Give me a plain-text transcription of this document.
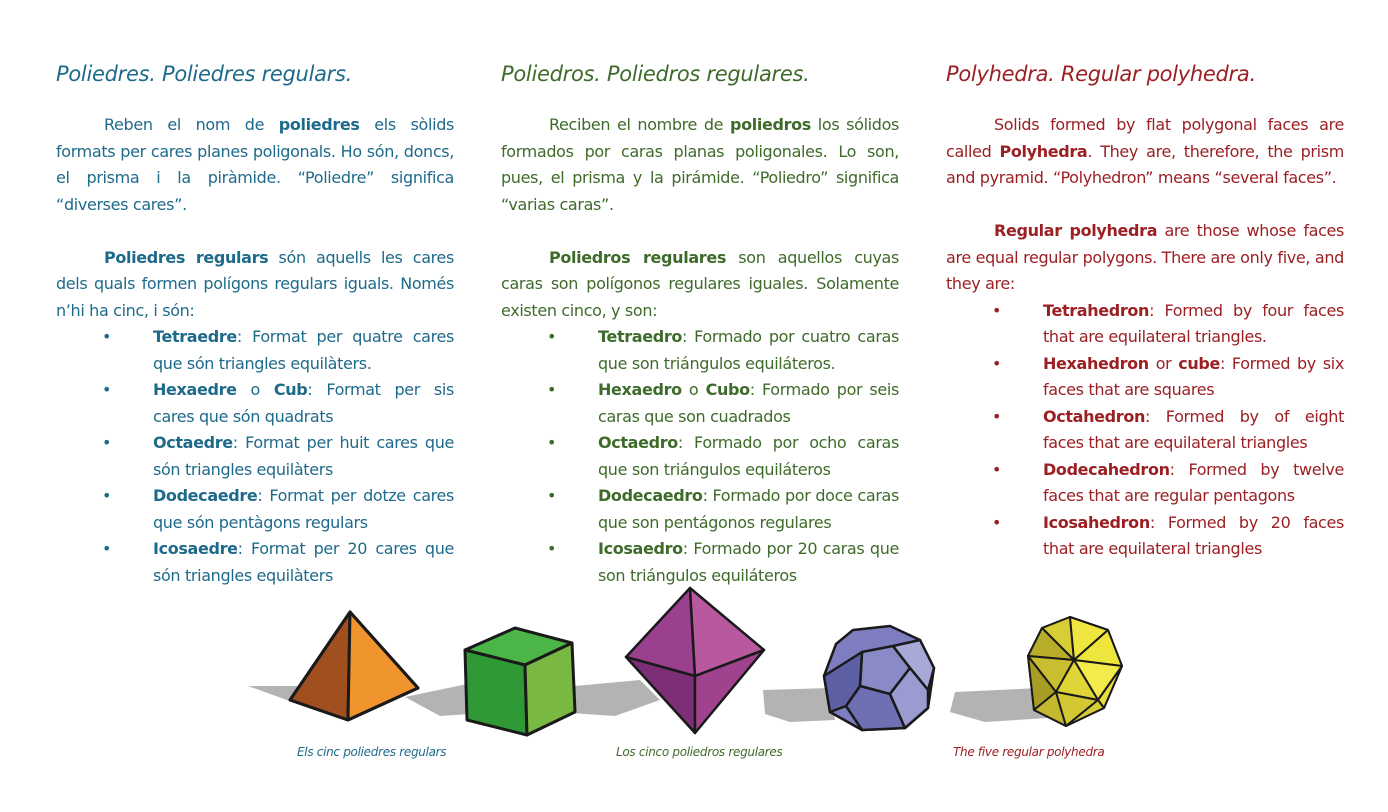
Poliedres. Poliedres regulars.

Reben el nom de poliedres els sòlids formats per cares planes poligonals. Ho són, doncs, el prisma i la piràmide. “Poliedre” significa “diverses cares”.

Poliedres regulars són aquells les cares dels quals formen polígons regulars iguals. Només n’hi ha cinc, i són:

•	Tetraedre: Format per quatre cares que són triangles equilàters.
•	Hexaedre o Cub: Format per sis cares que són quadrats
•	Octaedre: Format per huit cares que són triangles equilàters
•	Dodecaedre: Format per dotze cares que són pentàgons regulars
•	Icosaedre: Format per 20 cares que són triangles equilàters
Poliedros. Poliedros regulares.

Reciben el nombre de poliedros los sólidos formados por caras planas poligonales. Lo son, pues, el prisma y la pirámide. “Poliedro” significa “varias caras”.

Poliedros regulares son aquellos cuyas caras son polígonos regulares iguales. Solamente existen cinco, y son:

•	Tetraedro: Formado por cuatro caras que son triángulos equiláteros.
•	Hexaedro o Cubo: Formado por seis caras que son cuadrados
•	Octaedro: Formado por ocho caras que son triángulos equiláteros
•	Dodecaedro: Formado por doce caras que son pentágonos regulares
•	Icosaedro: Formado por 20 caras que son triángulos equiláteros
Polyhedra. Regular polyhedra.

Solids formed by flat polygonal faces are called Polyhedra. They are, therefore, the prism and pyramid. “Polyhedron” means “several faces”.

Regular polyhedra are those whose faces are equal regular polygons. There are only five, and they are:

•	Tetrahedron: Formed by four faces that are equilateral triangles.
•	Hexahedron or cube: Formed by six faces that are squares
•	Octahedron: Formed by of eight faces that are equilateral triangles
•	Dodecahedron: Formed by twelve faces that are regular pentagons
•	Icosahedron: Formed by 20 faces that are equilateral triangles
Els cinc poliedres regulars	Los cinco poliedros regulares	The five regular polyhedra
